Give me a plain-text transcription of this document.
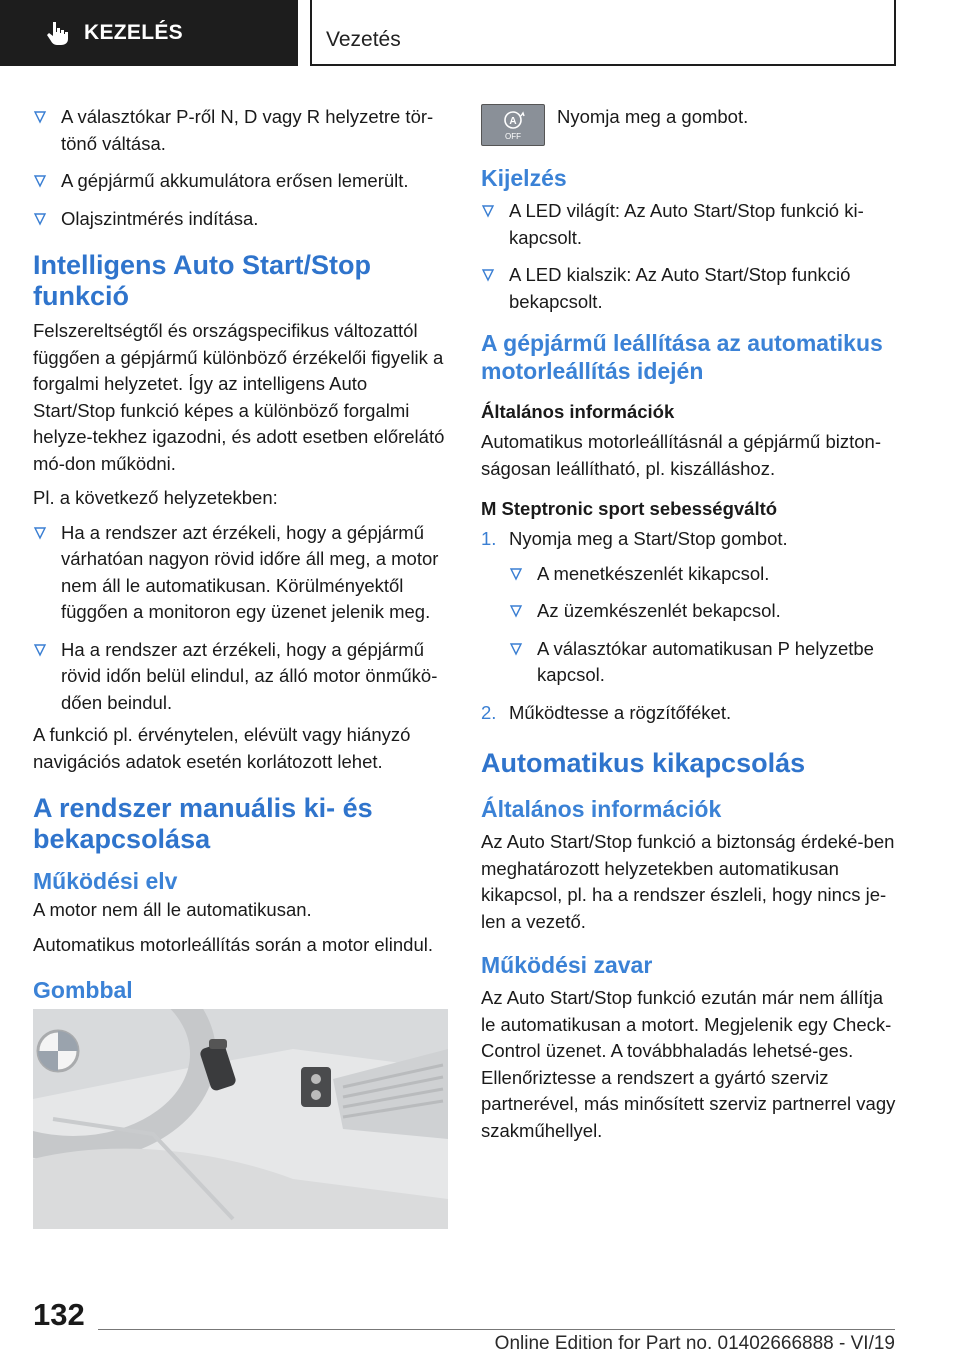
KEZELÉS	Vezetés
A választókar P-ről N, D vagy R helyzetre tör-tönő váltása.
A gépjármű akkumulátora erősen lemerült.
Olajszintmérés indítása.
Intelligens Auto Start/Stop funkció

Felszereltségtől és országspecifikus változattól függően a gépjármű különböző érzékelői figyelik a forgalmi helyzetet. Így az intelligens Auto Start/Stop funkció képes a különböző forgalmi helyze-tekhez igazodni, és adott esetben előrelátó mó-don működni.

Pl. a következő helyzetekben:

Ha a rendszer azt érzékeli, hogy a gépjármű várhatóan nagyon rövid időre áll meg, a motor nem áll le automatikusan. Körülményektől függően a monitoron egy üzenet jelenik meg.
Ha a rendszer azt érzékeli, hogy a gépjármű rövid időn belül elindul, az álló motor önműkö-dően beindul.

A funkció pl. érvénytelen, elévült vagy hiányzó navigációs adatok esetén korlátozott lehet.

A rendszer manuális ki- és bekapcsolása
Működési elv

A motor nem áll le automatikusan.

Automatikus motorleállítás során a motor elindul.

Gombbal
A
OFF
Nyomja meg a gombot.
Kijelzés
A LED világít: Az Auto Start/Stop funkció ki-kapcsolt.
A LED kialszik: Az Auto Start/Stop funkció bekapcsolt.
A gépjármű leállítása az automatikus motorleállítás idején
Általános információk

Automatikus motorleállításnál a gépjármű bizton-ságosan leállítható, pl. kiszálláshoz.

M Steptronic sport sebességváltó
1. Nyomja meg a Start/Stop gombot.
A menetkészenlét kikapcsol.
Az üzemkészenlét bekapcsol.
A választókar automatikusan P helyzetbe kapcsol.
2. Működtesse a rögzítőféket.
Automatikus kikapcsolás
Általános információk

Az Auto Start/Stop funkció a biztonság érdeké-ben meghatározott helyzetekben automatikusan kikapcsol, pl. ha a rendszer észleli, hogy nincs je-len a vezető.

Működési zavar

Az Auto Start/Stop funkció ezután már nem állítja le automatikusan a motort. Megjelenik egy Check-Control üzenet. A továbbhaladás lehetsé-ges. Ellenőriztesse a rendszert a gyártó szerviz partnerével, más minősített szerviz partnerrel vagy szakműhellyel.

132
Online Edition for Part no. 01402666888 - VI/19
